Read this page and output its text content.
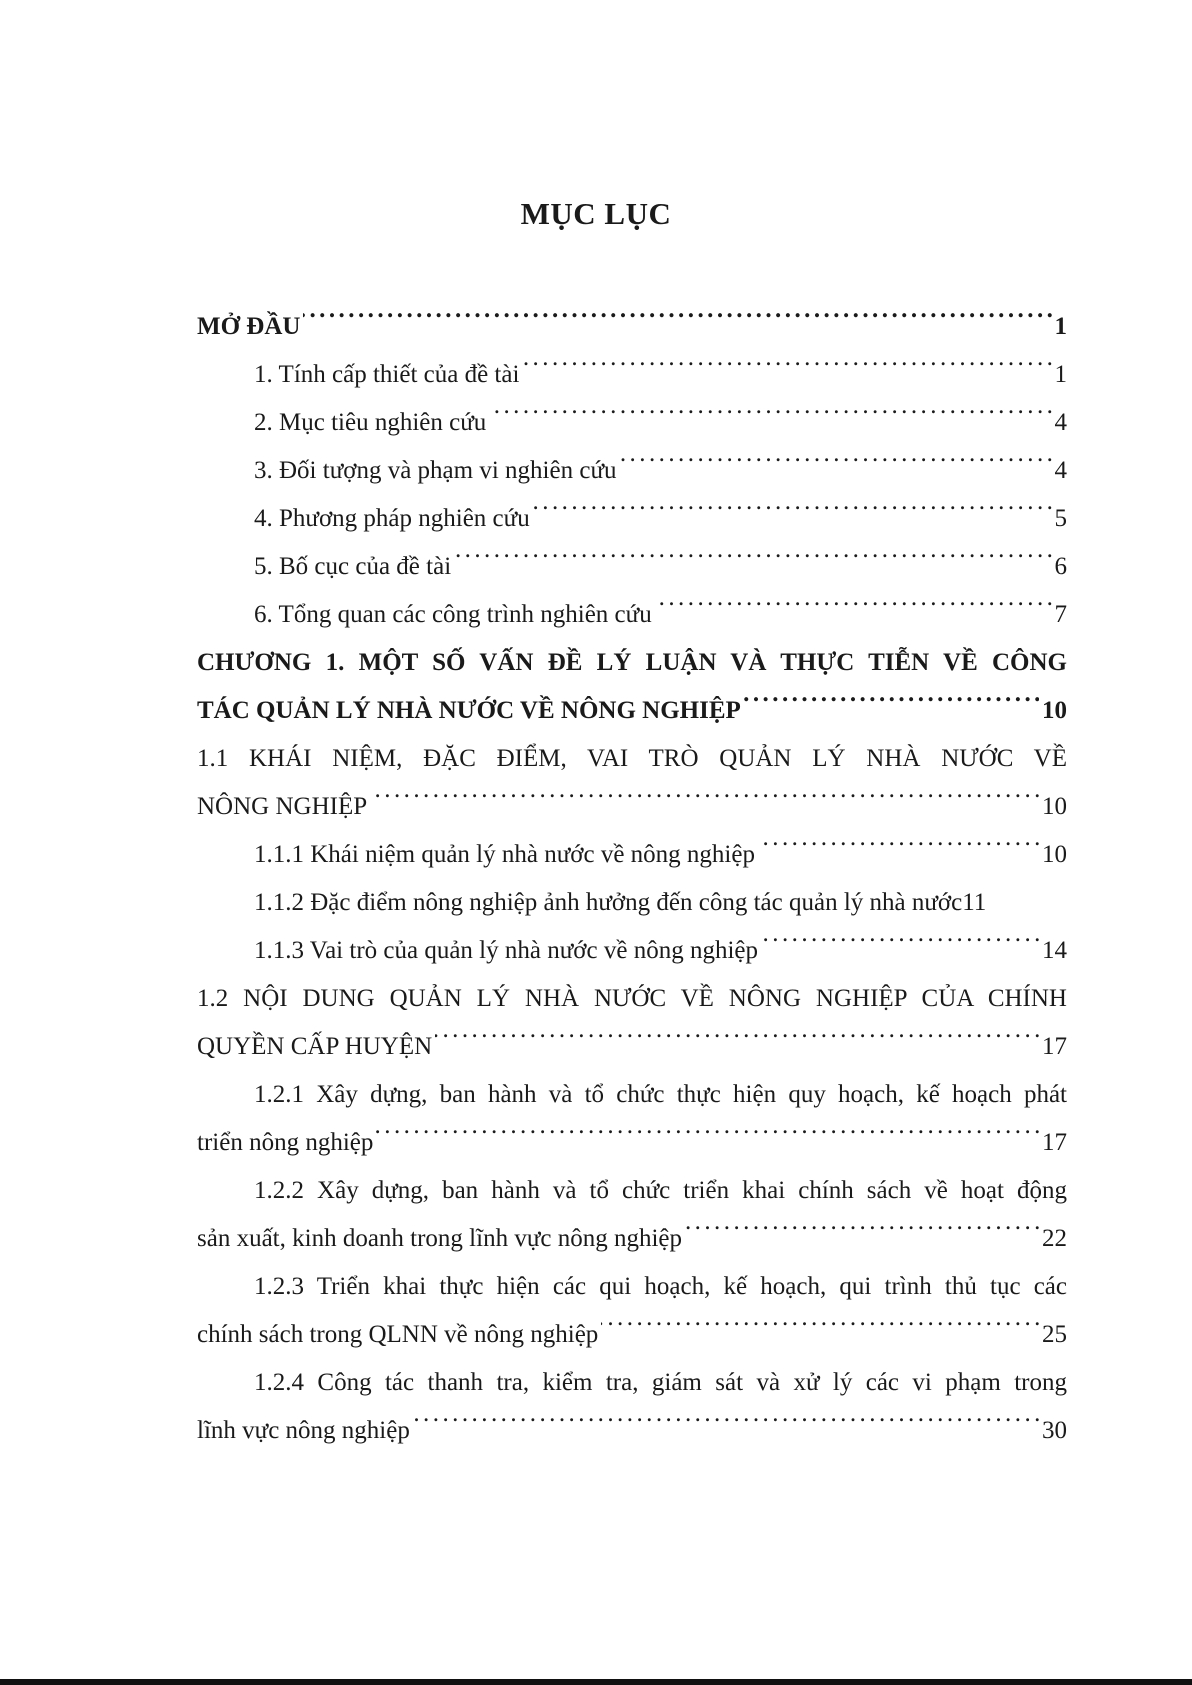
MỤC LỤC
MỞ ĐẦU . . .	1
1. Tính cấp thiết của đề tài . . .	1
2. Mục tiêu nghiên cứu . . .	4
3. Đối tượng và phạm vi nghiên cứu . . .	4
4. Phương pháp nghiên cứu . . .	5
5. Bố cục của đề tài . . .	6
6. Tổng quan các công trình nghiên cứu . . .	7
CHƯƠNG 1. MỘT SỐ VẤN ĐỀ LÝ LUẬN VÀ THỰC TIỄN VỀ CÔNG
TÁC QUẢN LÝ NHÀ NƯỚC VỀ NÔNG NGHIỆP . . .	10
1.1 KHÁI NIỆM, ĐẶC ĐIỂM, VAI TRÒ QUẢN LÝ NHÀ NƯỚC VỀ
NÔNG NGHIỆP . . .	10
1.1.1 Khái niệm quản lý nhà nước về nông nghiệp . . .	10
1.1.2 Đặc điểm nông nghiệp ảnh hưởng đến công tác quản lý nhà nước 11
1.1.3 Vai trò của quản lý nhà nước về nông nghiệp . . .	14
1.2 NỘI DUNG QUẢN LÝ NHÀ NƯỚC VỀ NÔNG NGHIỆP CỦA CHÍNH
QUYỀN CẤP HUYỆN . . .	17
1.2.1 Xây dựng, ban hành và tổ chức thực hiện quy hoạch, kế hoạch phát
triển nông nghiệp . . .	17
1.2.2 Xây dựng, ban hành và tổ chức triển khai chính sách về hoạt động
sản xuất, kinh doanh trong lĩnh vực nông nghiệp . . .	22
1.2.3 Triển khai thực hiện các qui hoạch, kế hoạch, qui trình thủ tục các
chính sách trong QLNN về nông nghiệp . . .	25
1.2.4 Công tác thanh tra, kiểm tra, giám sát và xử lý các vi phạm trong
lĩnh vực nông nghiệp . . .	30
